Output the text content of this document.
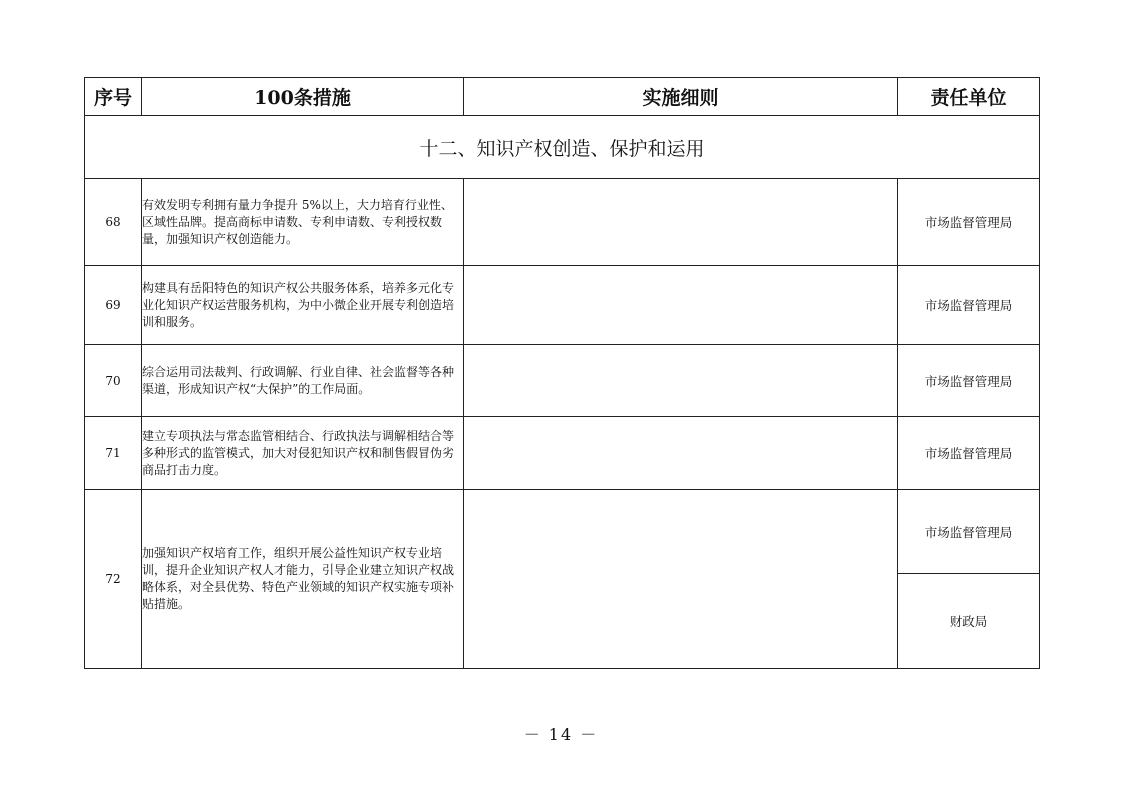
序号	100条措施	实施细则	责任单位
十二、知识产权创造、保护和运用			
68	有效发明专利拥有量力争提升 5%以上，大力培育行业性、区域性品牌。提高商标申请数、专利申请数、专利授权数量，加强知识产权创造能力。		市场监督管理局
69	构建具有岳阳特色的知识产权公共服务体系，培养多元化专业化知识产权运营服务机构，为中小微企业开展专利创造培训和服务。		市场监督管理局
70	综合运用司法裁判、行政调解、行业自律、社会监督等各种渠道，形成知识产权“大保护”的工作局面。		市场监督管理局
71	建立专项执法与常态监管相结合、行政执法与调解相结合等多种形式的监管模式，加大对侵犯知识产权和制售假冒伪劣商品打击力度。		市场监督管理局
72	加强知识产权培育工作，组织开展公益性知识产权专业培训，提升企业知识产权人才能力，引导企业建立知识产权战略体系，对全县优势、特色产业领域的知识产权实施专项补贴措施。		市场监督管理局
			财政局
－ 14 －
